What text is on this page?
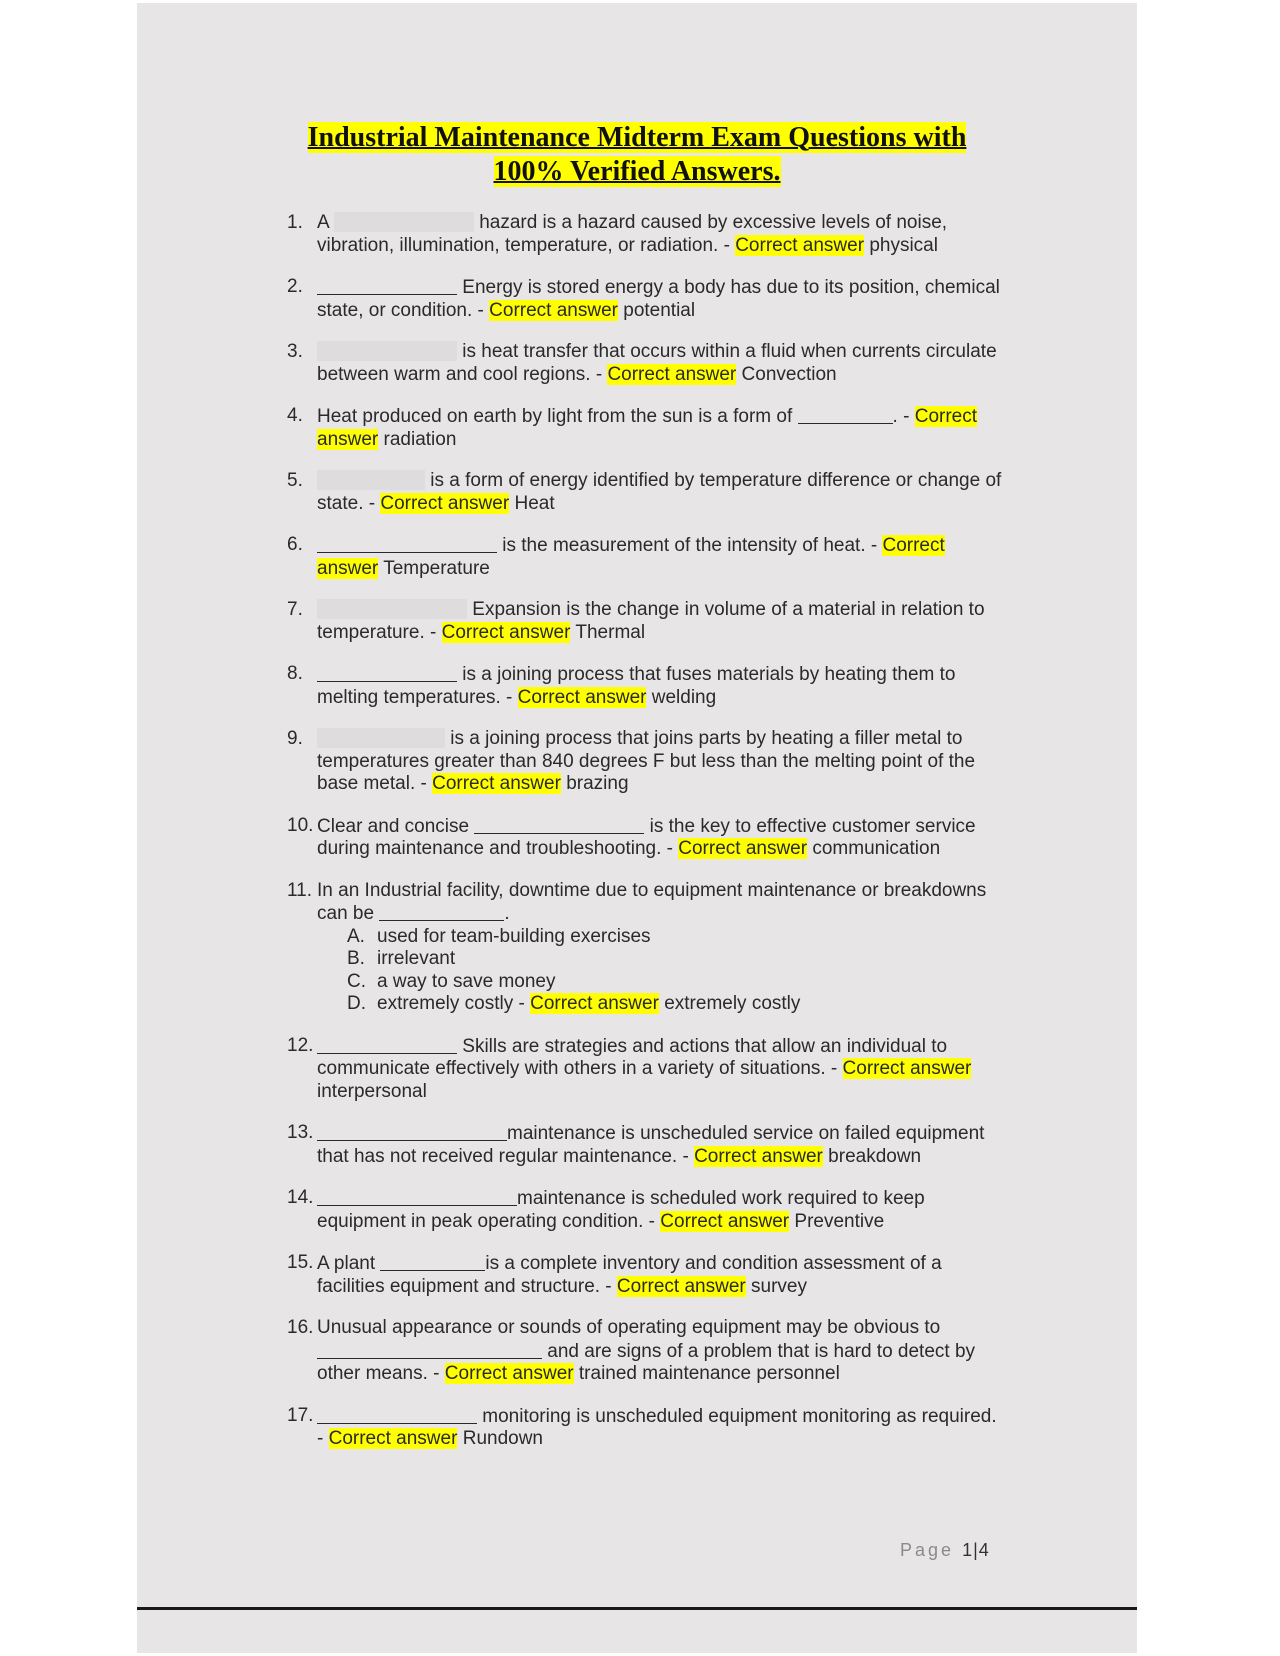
Industrial Maintenance Midterm Exam Questions with
100% Verified Answers.
1. A	hazard is a hazard caused by excessive levels of noise, vibration, illumination, temperature, or radiation. - Correct answer physical
2.	Energy is stored energy a body has due to its position, chemical state, or condition. - Correct answer potential
3.	is heat transfer that occurs within a fluid when currents circulate between warm and cool regions. - Correct answer Convection
4. Heat produced on earth by light from the sun is a form of	. - Correct answer radiation
5.	is a form of energy identified by temperature difference or change of state. - Correct answer Heat
6.	is the measurement of the intensity of heat. - Correct answer Temperature
7.	Expansion is the change in volume of a material in relation to temperature. - Correct answer Thermal
8.	is a joining process that fuses materials by heating them to melting temperatures. - Correct answer welding
9.	is a joining process that joins parts by heating a filler metal to temperatures greater than 840 degrees F but less than the melting point of the base metal. - Correct answer brazing
10. Clear and concise	is the key to effective customer service during maintenance and troubleshooting. - Correct answer communication
11. In an Industrial facility, downtime due to equipment maintenance or breakdowns can be	.
A. used for team-building exercises
B. irrelevant
C. a way to save money
D. extremely costly - Correct answer extremely costly
12.	Skills are strategies and actions that allow an individual to communicate effectively with others in a variety of situations. - Correct answer interpersonal
13.	maintenance is unscheduled service on failed equipment that has not received regular maintenance. - Correct answer breakdown
14.	maintenance is scheduled work required to keep equipment in peak operating condition. - Correct answer Preventive
15. A plant	is a complete inventory and condition assessment of a facilities equipment and structure. - Correct answer survey
16. Unusual appearance or sounds of operating equipment may be obvious to  and are signs of a problem that is hard to detect by other means. - Correct answer trained maintenance personnel
17.	monitoring is unscheduled equipment monitoring as required. - Correct answer Rundown
Page 1|4
